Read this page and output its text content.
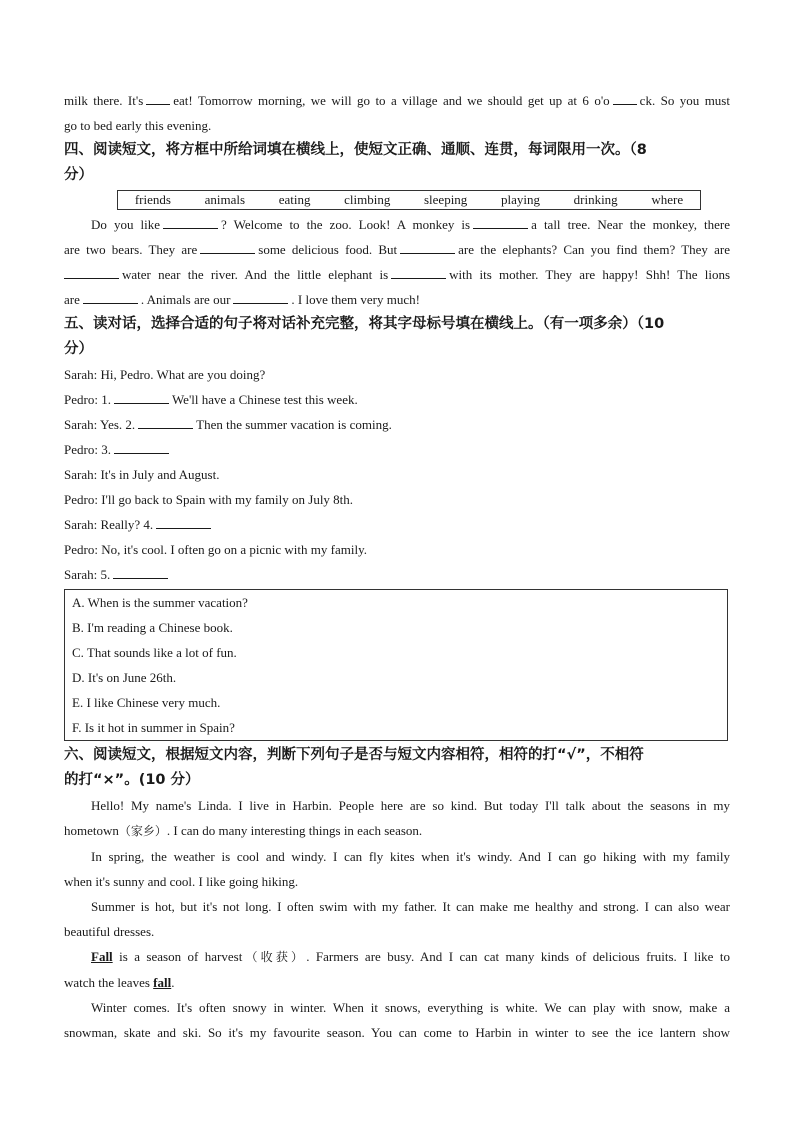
milk there. It's eat! Tomorrow morning, we will go to a village and we should get up at 6 o'o ck. So you must
go to bed early this evening.
四、阅读短文，将方框中所给词填在横线上，使短文正确、通顺、连贯，每词限用一次。（8
分）
friends	animals	eating	climbing	sleeping	playing	drinking	where
Do you like	? Welcome to the zoo. Look! A monkey is	a tall tree. Near the monkey, there
are two bears. They are	some delicious food. But	are the elephants? Can you find them? They are
water near the river. And the little elephant is	with its mother. They are happy! Shh! The lions
are	. Animals are our	. I love them very much!
五、读对话，选择合适的句子将对话补充完整，将其字母标号填在横线上。（有一项多余）（10
分）
Sarah: Hi, Pedro. What are you doing?
Pedro: 1.	We'll have a Chinese test this week.
Sarah: Yes. 2.	Then the summer vacation is coming.
Pedro: 3.
Sarah: It's in July and August.
Pedro: I'll go back to Spain with my family on July 8th.
Sarah: Really? 4.
Pedro: No, it's cool. I often go on a picnic with my family.
Sarah: 5.
A. When is the summer vacation?
B. I'm reading a Chinese book.
C. That sounds like a lot of fun.
D. It's on June 26th.
E. I like Chinese very much.
F. Is it hot in summer in Spain?
六、阅读短文，根据短文内容，判断下列句子是否与短文内容相符，相符的打“√”，不相符
的打“×”。(10 分）
Hello! My name's Linda. I live in Harbin. People here are so kind. But today I'll talk about the seasons in my
hometown（家乡）. I can do many interesting things in each season.
In spring, the weather is cool and windy. I can fly kites when it's windy. And I can go hiking with my family
when it's sunny and cool. I like going hiking.
Summer is hot, but it's not long. I often swim with my father. It can make me healthy and strong. I can also wear
beautiful dresses.
Fall is a season of harvest（收获）. Farmers are busy. And I can cat many kinds of delicious fruits. I like to
watch the leaves fall.
Winter comes. It's often snowy in winter. When it snows, everything is white. We can play with snow, make a
snowman, skate and ski. So it's my favourite season. You can come to Harbin in winter to see the ice lantern show
